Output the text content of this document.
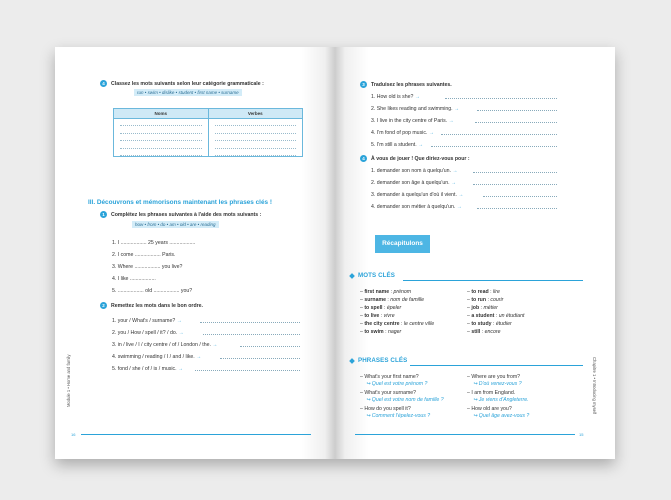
4	Classez les mots suivants selon leur catégorie grammaticale :
run • swim • dislike • student • first name • surname
Noms	Verbes

III. Découvrons et mémorisons maintenant les phrases clés !
1	Complétez les phrases suivantes à l'aide des mots suivants :
how • from • do • am • old • are • reading
1. I .................. 25 years ..................
2. I come .................. Paris.
3. Where .................. you live?
4. I like ..................
5. .................. old .................. you?
2	Remettez les mots dans le bon ordre.
1. your / What's / surname? →
2. you / How / spell / it? / do. →
3. in / live / I / city centre / of / London / the. →
4. swimming / reading / I / and / like. →
5. fond / she / of / is / music. →
Module 1 • Home and family
16
3	Traduisez les phrases suivantes.
1. How old is she? →
2. She likes reading and swimming. →
3. I live in the city centre of Paris. →
4. I'm fond of pop music. →
5. I'm still a student. →
4	À vous de jouer ! Que diriez-vous pour :
1. demander son nom à quelqu'un. →
2. demander son âge à quelqu'un. →
3. demander à quelqu'un d'où il vient. →
4. demander son métier à quelqu'un. →
Récapitulons
MOTS CLÉS
– first name : prénom
– surname : nom de famille
– to spell : épeler
– to live : vivre
– the city centre : le centre ville
– to swim : nager
– to read : lire
– to run : courir
– job : métier
– a student : un étudiant
– to study : étudier
– still : encore
PHRASES CLÉS
– What's your first name?
↪ Quel est votre prénom ?
– What's your surname?
↪ Quel est votre nom de famille ?
– How do you spell it?
↪ Comment l'épelez-vous ?
– Where are you from?
↪ D'où venez-vous ?
– I am from England.
↪ Je viens d'Angleterre.
– How old are you?
↪ Quel âge avez-vous ?
Chapitre 1 • Introducing myself
15
